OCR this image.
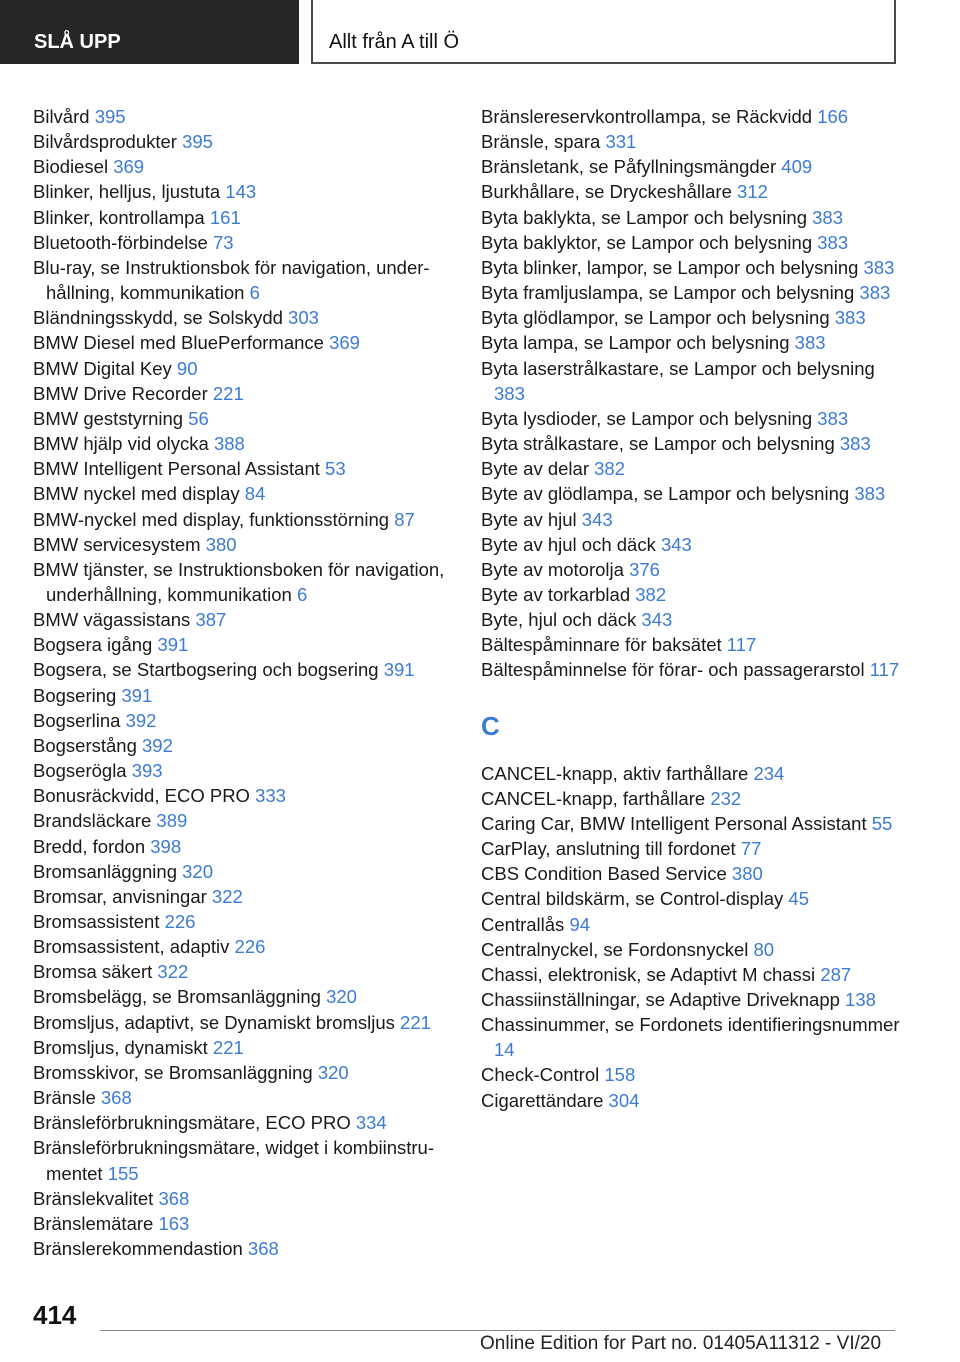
SLÅ UPP	Allt från A till Ö
Bilvård 395
Bilvårdsprodukter 395
Biodiesel 369
Blinker, helljus, ljustuta 143
Blinker, kontrollampa 161
Bluetooth-förbindelse 73
Blu-ray, se Instruktionsbok för navigation, underhållning, kommunikation 6
Bländningsskydd, se Solskydd 303
BMW Diesel med BluePerformance 369
BMW Digital Key 90
BMW Drive Recorder 221
BMW geststyrning 56
BMW hjälp vid olycka 388
BMW Intelligent Personal Assistant 53
BMW nyckel med display 84
BMW-nyckel med display, funktionsstörning 87
BMW servicesystem 380
BMW tjänster, se Instruktionsboken för navigation, underhållning, kommunikation 6
BMW vägassistans 387
Bogsera igång 391
Bogsera, se Startbogsering och bogsering 391
Bogsering 391
Bogserlina 392
Bogserstång 392
Bogserögla 393
Bonusräckvidd, ECO PRO 333
Brandsläckare 389
Bredd, fordon 398
Bromsanläggning 320
Bromsar, anvisningar 322
Bromsassistent 226
Bromsassistent, adaptiv 226
Bromsa säkert 322
Bromsbelägg, se Bromsanläggning 320
Bromsljus, adaptivt, se Dynamiskt bromsljus 221
Bromsljus, dynamiskt 221
Bromsskivor, se Bromsanläggning 320
Bränsle 368
Bränsleförbrukningsmätare, ECO PRO 334
Bränsleförbrukningsmätare, widget i kombiinstrumentet 155
Bränslekvalitet 368
Bränslemätare 163
Bränslerekommendastion 368
Bränslereservkontrollampa, se Räckvidd 166
Bränsle, spara 331
Bränsletank, se Påfyllningsmängder 409
Burkhållare, se Dryckeshållare 312
Byta baklykta, se Lampor och belysning 383
Byta baklyktor, se Lampor och belysning 383
Byta blinker, lampor, se Lampor och belysning 383
Byta framljuslampa, se Lampor och belysning 383
Byta glödlampor, se Lampor och belysning 383
Byta lampa, se Lampor och belysning 383
Byta laserstrålkastare, se Lampor och belysning 383
Byta lysdioder, se Lampor och belysning 383
Byta strålkastare, se Lampor och belysning 383
Byte av delar 382
Byte av glödlampa, se Lampor och belysning 383
Byte av hjul 343
Byte av hjul och däck 343
Byte av motorolja 376
Byte av torkarblad 382
Byte, hjul och däck 343
Bältespåminnare för baksätet 117
Bältespåminnelse för förar- och passagerarstol 117
C
CANCEL-knapp, aktiv farthållare 234
CANCEL-knapp, farthållare 232
Caring Car, BMW Intelligent Personal Assistant 55
CarPlay, anslutning till fordonet 77
CBS Condition Based Service 380
Central bildskärm, se Control-display 45
Centrallås 94
Centralnyckel, se Fordonsnyckel 80
Chassi, elektronisk, se Adaptivt M chassi 287
Chassiinställningar, se Adaptive Driveknapp 138
Chassinummer, se Fordonets identifieringsnummer 14
Check-Control 158
Cigarettändare 304
414
Online Edition for Part no. 01405A11312 - VI/20
